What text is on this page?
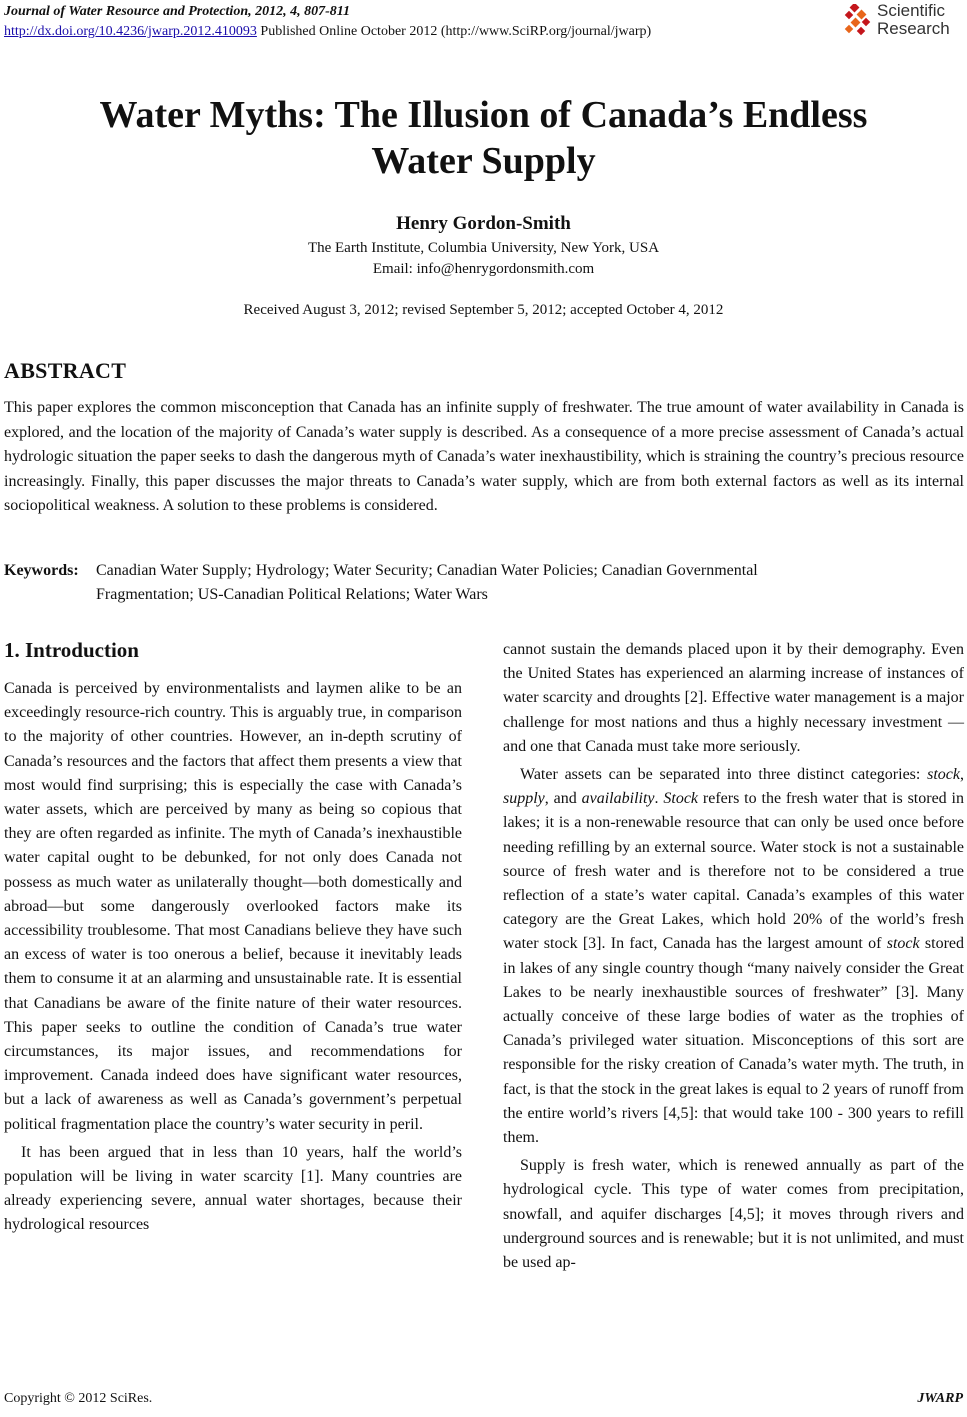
Journal of Water Resource and Protection, 2012, 4, 807-811
http://dx.doi.org/10.4236/jwarp.2012.410093 Published Online October 2012 (http://www.SciRP.org/journal/jwarp)
Scientific
Research
Water Myths: The Illusion of Canada’s Endless
Water Supply
Henry Gordon-Smith
The Earth Institute, Columbia University, New York, USA
Email: info@henrygordonsmith.com
Received August 3, 2012; revised September 5, 2012; accepted October 4, 2012
ABSTRACT
This paper explores the common misconception that Canada has an infinite supply of freshwater. The true amount of water availability in Canada is explored, and the location of the majority of Canada’s water supply is described. As a consequence of a more precise assessment of Canada’s actual hydrologic situation the paper seeks to dash the dangerous myth of Canada’s water inexhaustibility, which is straining the country’s precious resource increasingly. Finally, this paper discusses the major threats to Canada’s water supply, which are from both external factors as well as its internal sociopolitical weakness. A solution to these problems is considered.
Keywords: Canadian Water Supply; Hydrology; Water Security; Canadian Water Policies; Canadian Governmental
Fragmentation; US-Canadian Political Relations; Water Wars
1. Introduction

Canada is perceived by environmentalists and laymen alike to be an exceedingly resource-rich country. This is arguably true, in comparison to the majority of other countries. However, an in-depth scrutiny of Canada’s resources and the factors that affect them presents a view that most would find surprising; this is especially the case with Canada’s water assets, which are perceived by many as being so copious that they are often regarded as infinite. The myth of Canada’s inexhaustible water capital ought to be debunked, for not only does Canada not possess as much water as unilaterally thought—both domestically and abroad—but some dangerously overlooked factors make its accessibility troublesome. That most Canadians believe they have such an excess of water is too onerous a belief, because it inevitably leads them to consume it at an alarming and unsustainable rate. It is essential that Canadians be aware of the finite nature of their water resources. This paper seeks to outline the condition of Canada’s true water circumstances, its major issues, and recommendations for improvement. Canada indeed does have significant water resources, but a lack of awareness as well as Canada’s government’s perpetual political fragmentation place the country’s water security in peril.

It has been argued that in less than 10 years, half the world’s population will be living in water scarcity [1]. Many countries are already experiencing severe, annual water shortages, because their hydrological resources

cannot sustain the demands placed upon it by their demography. Even the United States has experienced an alarming increase of instances of water scarcity and droughts [2]. Effective water management is a major challenge for most nations and thus a highly necessary investment —and one that Canada must take more seriously.

Water assets can be separated into three distinct categories: stock, supply, and availability. Stock refers to the fresh water that is stored in lakes; it is a non-renewable resource that can only be used once before needing refilling by an external source. Water stock is not a sustainable source of fresh water and is therefore not to be considered a true reflection of a state’s water capital. Canada’s examples of this water category are the Great Lakes, which hold 20% of the world’s fresh water stock [3]. In fact, Canada has the largest amount of stock stored in lakes of any single country though “many naively consider the Great Lakes to be nearly inexhaustible sources of freshwater” [3]. Many actually conceive of these large bodies of water as the trophies of Canada’s privileged water situation. Misconceptions of this sort are responsible for the risky creation of Canada’s water myth. The truth, in fact, is that the stock in the great lakes is equal to 2 years of runoff from the entire world’s rivers [4,5]: that would take 100 - 300 years to refill them.

Supply is fresh water, which is renewed annually as part of the hydrological cycle. This type of water comes from precipitation, snowfall, and aquifer discharges [4,5]; it moves through rivers and underground sources and is renewable; but it is not unlimited, and must be used ap-

Copyright © 2012 SciRes.	JWARP
